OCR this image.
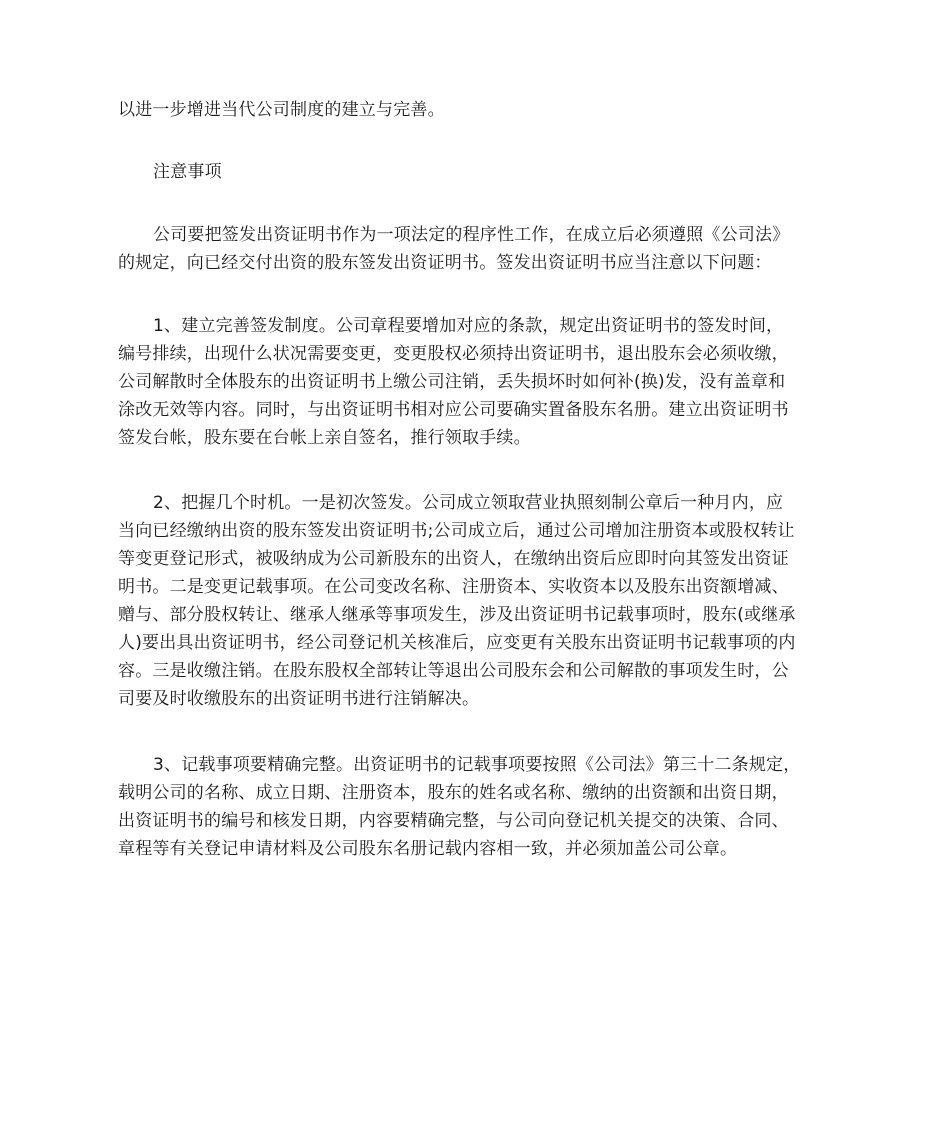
以进一步增进当代公司制度的建立与完善。
注意事项
公司要把签发出资证明书作为一项法定的程序性工作，在成立后必须遵照《公司法》
的规定，向已经交付出资的股东签发出资证明书。签发出资证明书应当注意以下问题：
1、建立完善签发制度。公司章程要增加对应的条款，规定出资证明书的签发时间，
编号排续，出现什么状况需要变更，变更股权必须持出资证明书，退出股东会必须收缴，
公司解散时全体股东的出资证明书上缴公司注销，丢失损坏时如何补(换)发，没有盖章和
涂改无效等内容。同时，与出资证明书相对应公司要确实置备股东名册。建立出资证明书
签发台帐，股东要在台帐上亲自签名，推行领取手续。
2、把握几个时机。一是初次签发。公司成立领取营业执照刻制公章后一种月内，应
当向已经缴纳出资的股东签发出资证明书;公司成立后，通过公司增加注册资本或股权转让
等变更登记形式，被吸纳成为公司新股东的出资人，在缴纳出资后应即时向其签发出资证
明书。二是变更记载事项。在公司变改名称、注册资本、实收资本以及股东出资额增减、
赠与、部分股权转让、继承人继承等事项发生，涉及出资证明书记载事项时，股东(或继承
人)要出具出资证明书，经公司登记机关核准后，应变更有关股东出资证明书记载事项的内
容。三是收缴注销。在股东股权全部转让等退出公司股东会和公司解散的事项发生时，公
司要及时收缴股东的出资证明书进行注销解决。
3、记载事项要精确完整。出资证明书的记载事项要按照《公司法》第三十二条规定，
载明公司的名称、成立日期、注册资本，股东的姓名或名称、缴纳的出资额和出资日期，
出资证明书的编号和核发日期，内容要精确完整，与公司向登记机关提交的决策、合同、
章程等有关登记申请材料及公司股东名册记载内容相一致，并必须加盖公司公章。
